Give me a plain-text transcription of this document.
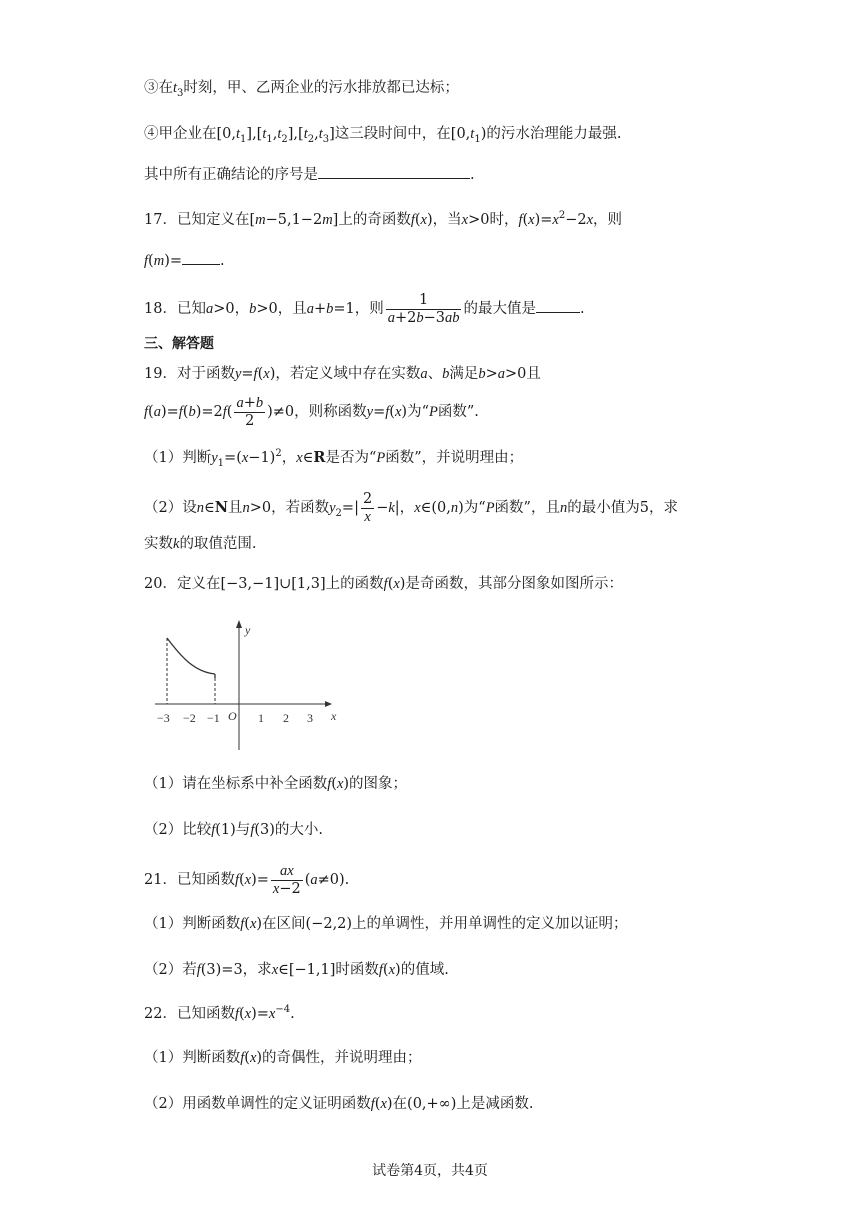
③在$t_3$时刻，甲、乙两企业的污水排放都已达标；
④甲企业在$[0,t_1],[t_1,t_2],[t_2,t_3]$这三段时间中，在$[0,t_1)$的污水治理能力最强.
其中所有正确结论的序号是	.
17．已知定义在[m−5,1−2m]上的奇函数f(x)，当x>0时，$f(x)=x^2-2x$，则
f(m)=	.
18．已知a>0，b>0，且a+b=1，则 $\frac{1}{a+2b-3ab}$ 的最大值是	.
三、解答题
19．对于函数y=f(x)，若定义域中存在实数a、b满足b>a>0且
$f(a)=f(b)=2f( \frac{a+b}{2} )\ne 0$，则称函数y=f(x)为“P函数”.
（1）判断$y_1=(x-1)^2$，x∈R是否为“P函数”，并说明理由；
（2）设n∈N且n>0，若函数$y_2=| \frac{2}{x} -k|$，x∈(0,n)为“P函数”，且n的最小值为5，求
实数k的取值范围.
20．定义在[−3,−1]∪[1,3]上的函数f(x)是奇函数，其部分图象如图所示：
y
x
O
−3 −2 −1	1 2 3
（1）请在坐标系中补全函数f(x)的图象；
（2）比较f(1)与f(3)的大小.
21．已知函数$f(x)= \frac{ax}{x-2} (a\ne 0)$.
（1）判断函数f(x)在区间(−2,2)上的单调性，并用单调性的定义加以证明；
（2）若f(3)=3，求x∈[−1,1]时函数f(x)的值域.
22．已知函数$f(x)=x^{-4}$.
（1）判断函数f(x)的奇偶性，并说明理由；
（2）用函数单调性的定义证明函数f(x)在(0,+∞)上是减函数.
试卷第4页，共4页
